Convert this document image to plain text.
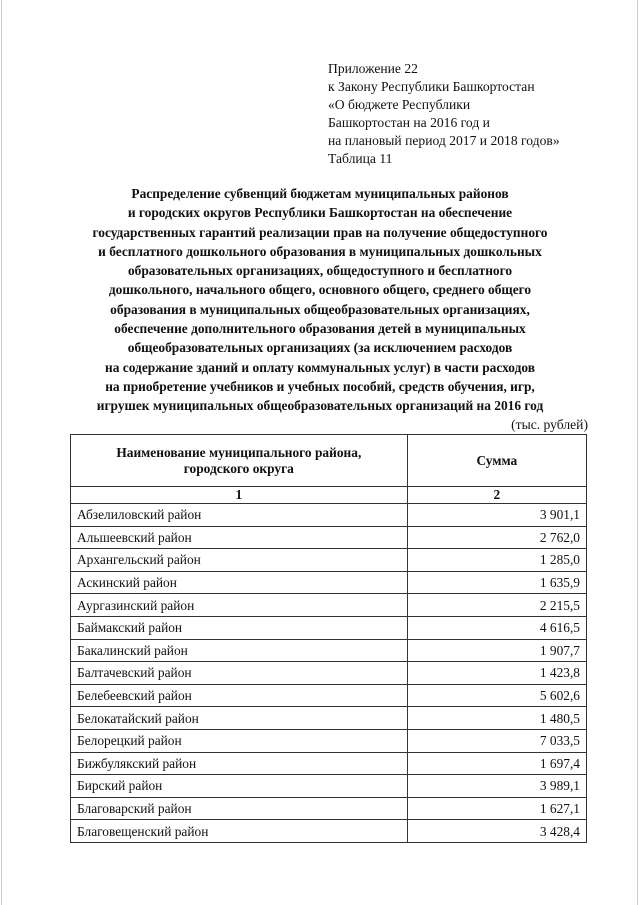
Приложение 22
к Закону Республики Башкортостан
«О бюджете Республики
Башкортостан на 2016 год и
на плановый период 2017 и 2018 годов»
Таблица 11
Распределение субвенций бюджетам муниципальных районов
и городских округов Республики Башкортостан на обеспечение
государственных гарантий реализации прав на получение общедоступного
и бесплатного дошкольного образования в муниципальных дошкольных
образовательных организациях, общедоступного и бесплатного
дошкольного, начального общего, основного общего, среднего общего
образования в муниципальных общеобразовательных организациях,
обеспечение дополнительного образования детей в муниципальных
общеобразовательных организациях (за исключением расходов
на содержание зданий и оплату коммунальных услуг) в части расходов
на приобретение учебников и учебных пособий, средств обучения, игр,
игрушек муниципальных общеобразовательных организаций на 2016 год
(тыс. рублей)
Наименование муниципального района,
городского округа	Сумма
1	2
Абзелиловский район	3 901,1
Альшеевский район	2 762,0
Архангельский район	1 285,0
Аскинский район	1 635,9
Аургазинский район	2 215,5
Баймакский район	4 616,5
Бакалинский район	1 907,7
Балтачевский район	1 423,8
Белебеевский район	5 602,6
Белокатайский район	1 480,5
Белорецкий район	7 033,5
Бижбулякский район	1 697,4
Бирский район	3 989,1
Благоварский район	1 627,1
Благовещенский район	3 428,4
